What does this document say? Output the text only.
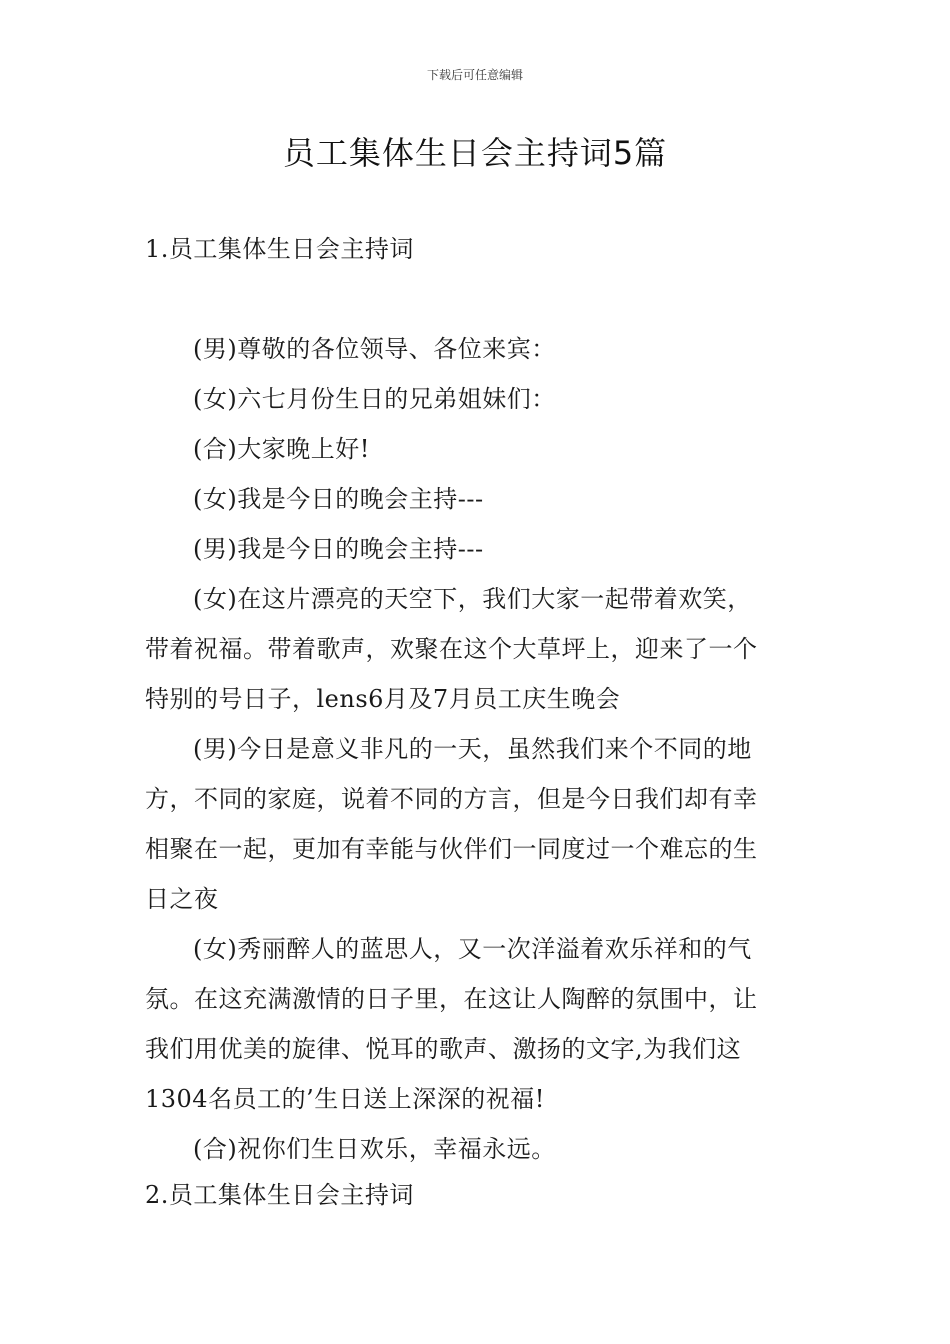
下载后可任意编辑
员工集体生日会主持词5篇

1.员工集体生日会主持词

(男)尊敬的各位领导、各位来宾：

(女)六七月份生日的兄弟姐妹们：

(合)大家晚上好!

(女)我是今日的晚会主持---

(男)我是今日的晚会主持---

(女)在这片漂亮的天空下，我们大家一起带着欢笑，

带着祝福。带着歌声，欢聚在这个大草坪上，迎来了一个

特别的号日子，lens6月及7月员工庆生晚会

(男)今日是意义非凡的一天，虽然我们来个不同的地

方，不同的家庭，说着不同的方言，但是今日我们却有幸

相聚在一起，更加有幸能与伙伴们一同度过一个难忘的生

日之夜

(女)秀丽醉人的蓝思人，又一次洋溢着欢乐祥和的气

氛。在这充满激情的日子里，在这让人陶醉的氛围中，让

我们用优美的旋律、悦耳的歌声、激扬的文字,为我们这

1304名员工的’生日送上深深的祝福!

(合)祝你们生日欢乐，幸福永远。

2.员工集体生日会主持词
